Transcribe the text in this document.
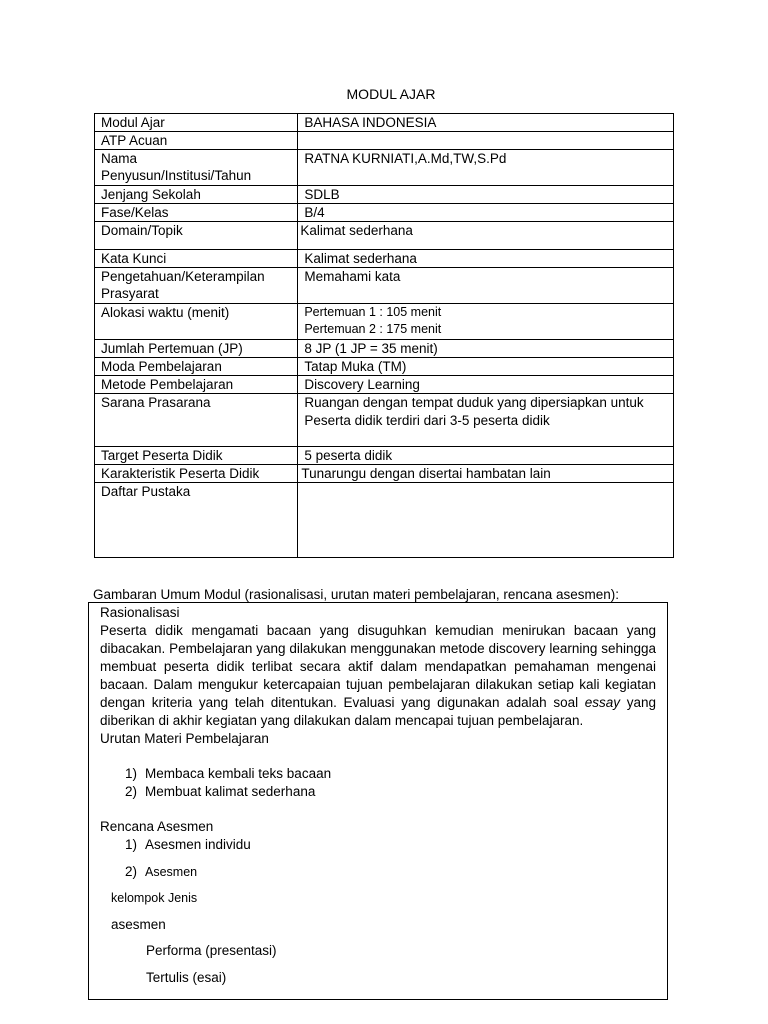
MODUL AJAR
Modul Ajar	BAHASA INDONESIA
ATP Acuan	

Nama
Penyusun/Institusi/Tahun	RATNA KURNIATI,A.Md,TW,S.Pd
Jenjang Sekolah	SDLB
Fase/Kelas	B/4
Domain/Topik	Kalimat sederhana
Kata Kunci	Kalimat sederhana

Pengetahuan/Keterampilan
Prasyarat	Memahami kata
Alokasi waktu (menit)	Pertemuan 1 : 105 menit
Pertemuan 2 : 175 menit

Jumlah Pertemuan (JP)	8 JP (1 JP = 35 menit)
Moda Pembelajaran	Tatap Muka (TM)
Metode Pembelajaran	Discovery Learning
Sarana Prasarana	Ruangan dengan tempat duduk yang dipersiapkan untuk
Peserta didik terdiri dari 3-5 peserta didik

Target Peserta Didik	5 peserta didik
Karakteristik Peserta Didik	Tunarungu dengan disertai hambatan lain
Daftar Pustaka	
Gambaran Umum Modul (rasionalisasi, urutan materi pembelajaran, rencana asesmen):
Rasionalisasi
Peserta didik mengamati bacaan yang disuguhkan kemudian menirukan bacaan yang dibacakan. Pembelajaran yang dilakukan menggunakan metode discovery learning sehingga membuat peserta didik terlibat secara aktif dalam mendapatkan pemahaman mengenai bacaan. Dalam mengukur ketercapaian tujuan pembelajaran dilakukan setiap kali kegiatan dengan kriteria yang telah ditentukan. Evaluasi yang digunakan adalah soal essay yang diberikan di akhir kegiatan yang dilakukan dalam mencapai tujuan pembelajaran.
Urutan Materi Pembelajaran
1) Membaca kembali teks bacaan
2) Membuat kalimat sederhana
Rencana Asesmen
1) Asesmen individu
2) Asesmen
kelompok Jenis
asesmen
Performa (presentasi)
Tertulis (esai)
